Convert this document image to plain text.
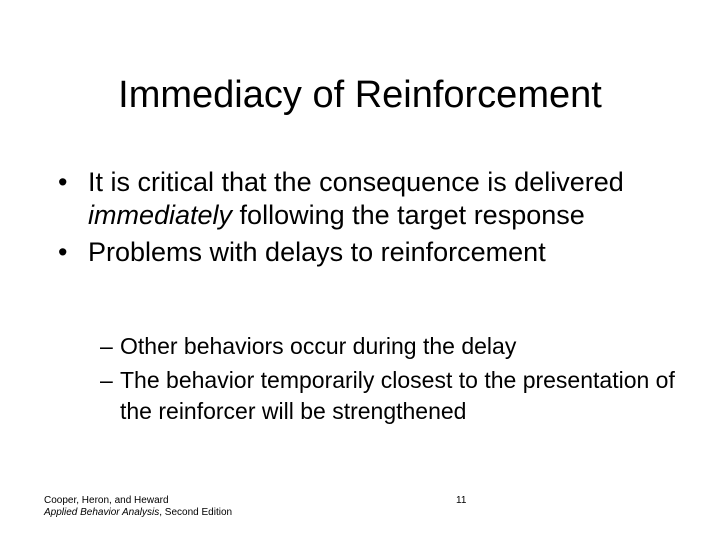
Immediacy of Reinforcement
• It is critical that the consequence is delivered immediately following the target response
• Problems with delays to reinforcement
– Other behaviors occur during the delay
– The behavior temporarily closest to the presentation of the reinforcer will be strengthened
Cooper, Heron, and Heward
Applied Behavior Analysis, Second Edition
11
